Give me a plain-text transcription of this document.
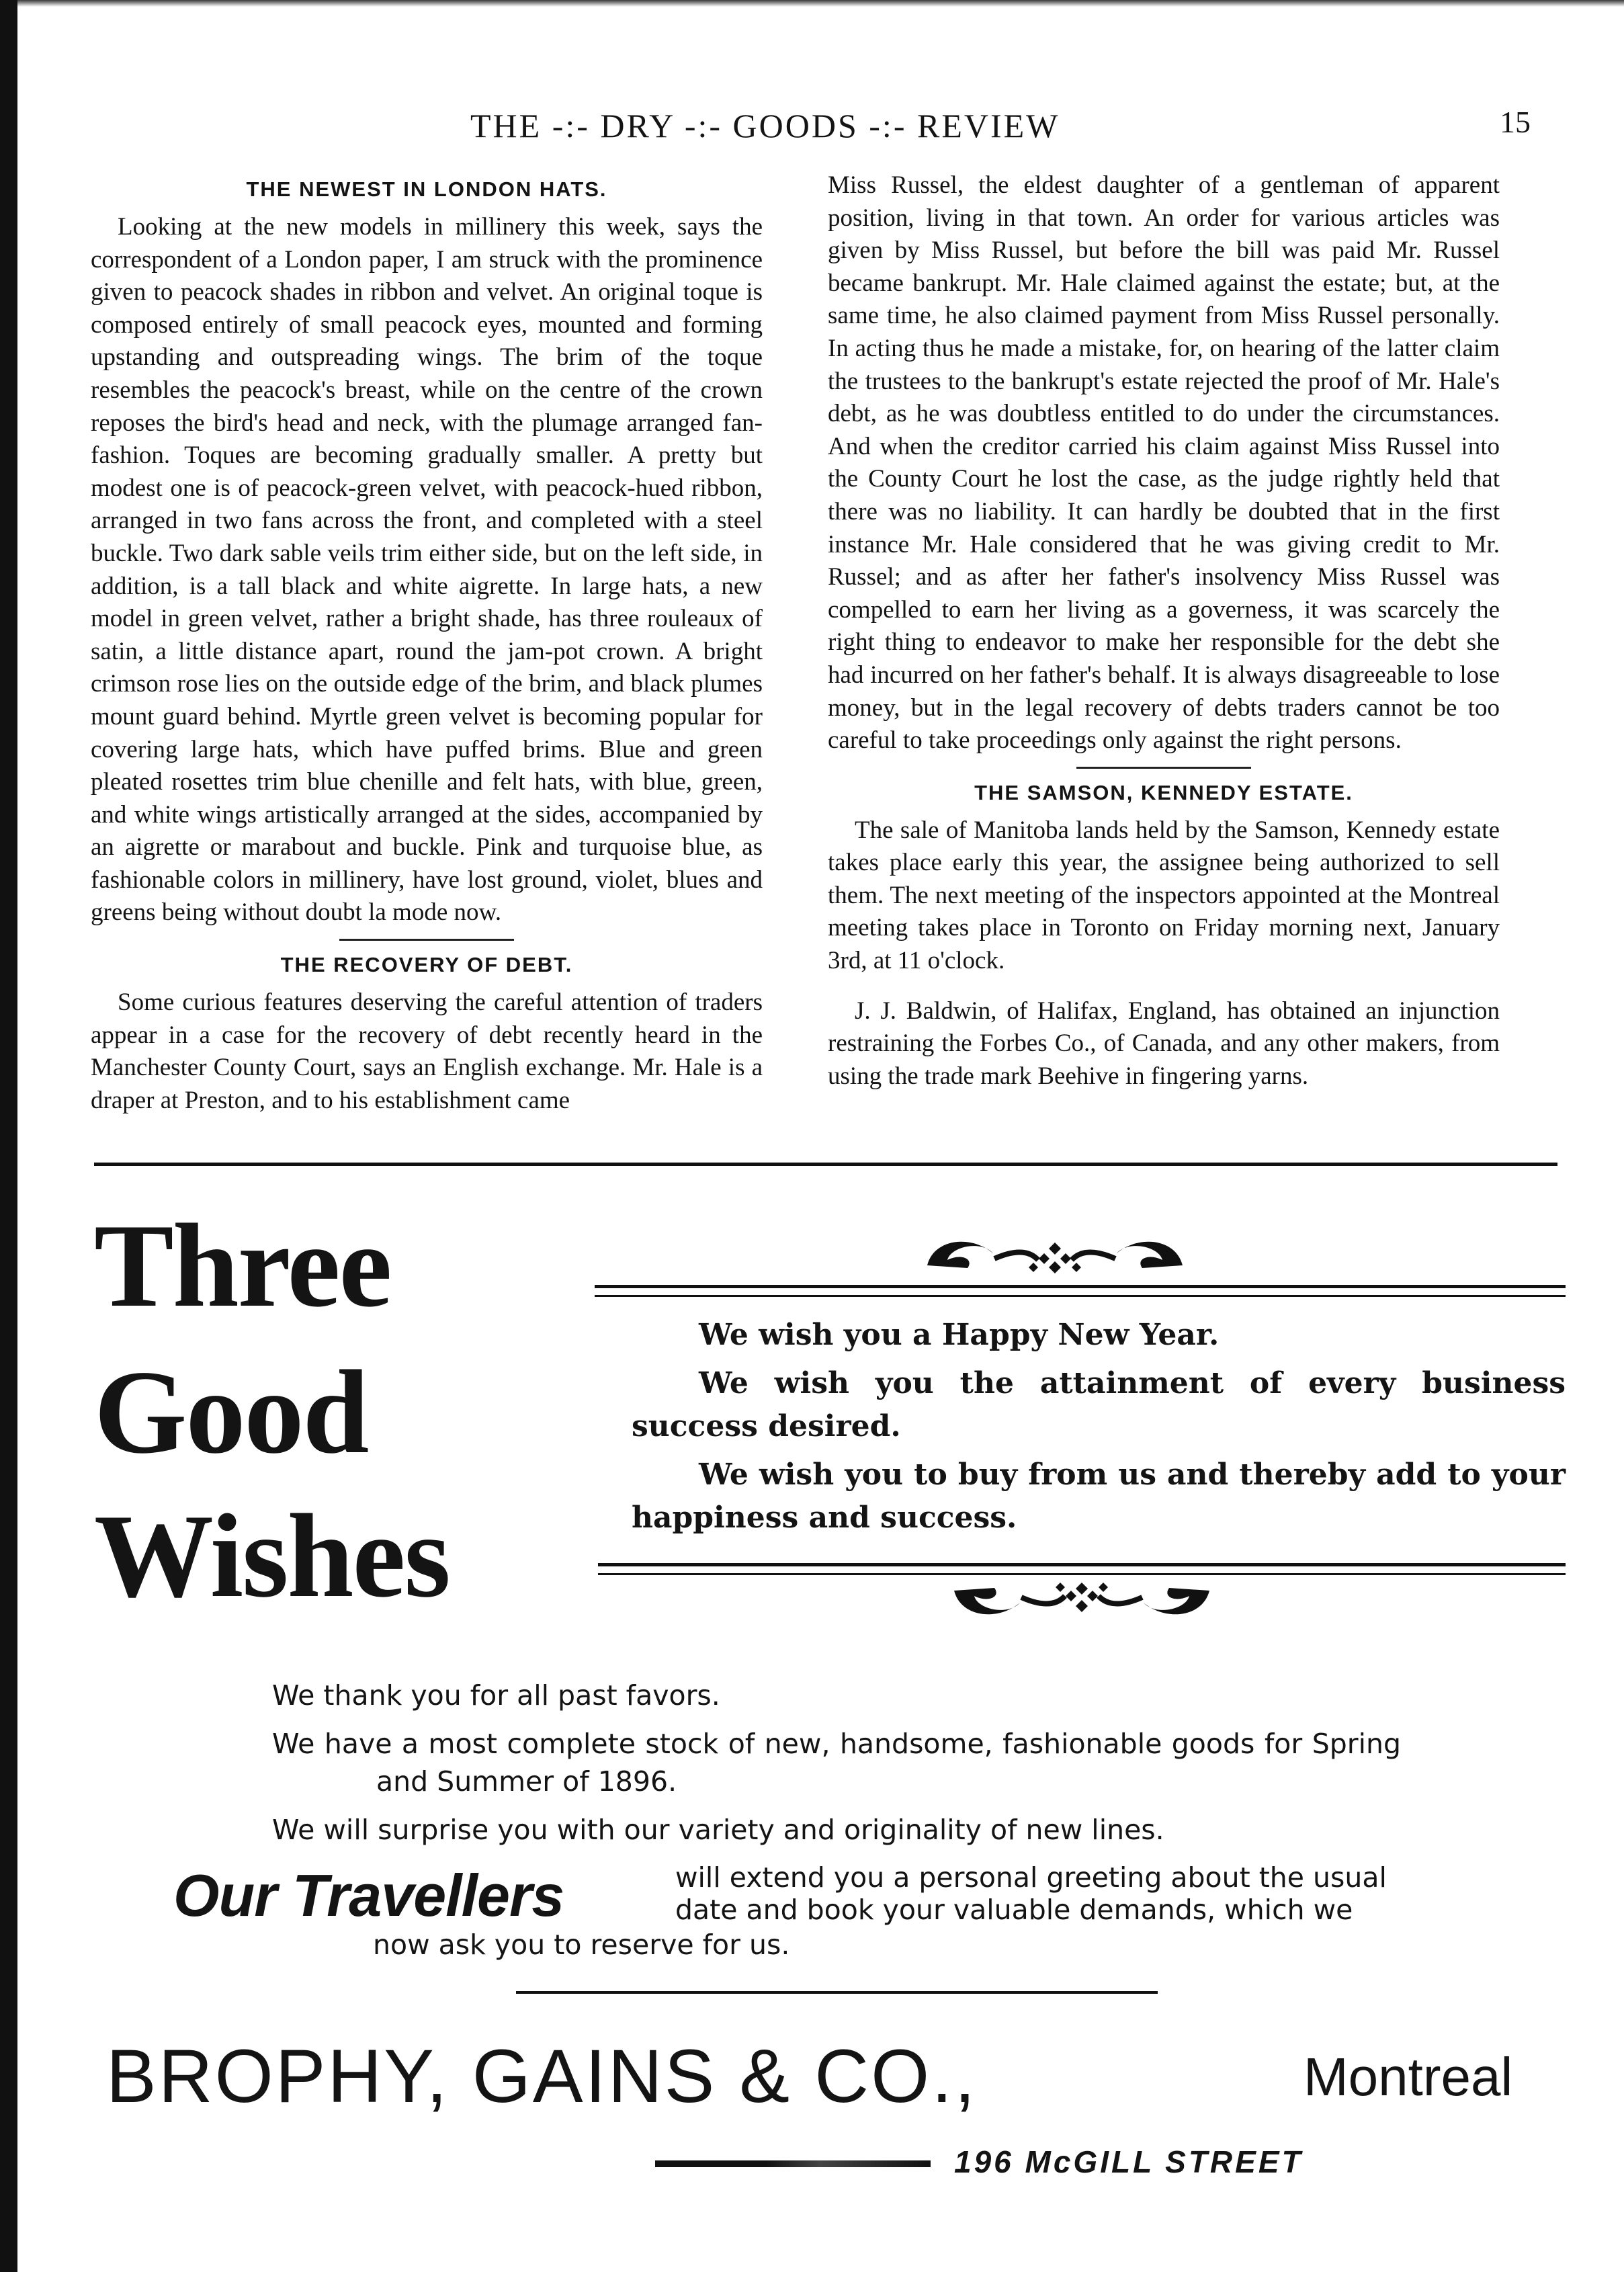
THE -:- DRY -:- GOODS -:- REVIEW	15
THE NEWEST IN LONDON HATS.

Looking at the new models in millinery this week, says the correspondent of a London paper, I am struck with the prominence given to peacock shades in ribbon and velvet. An original toque is composed entirely of small peacock eyes, mounted and forming upstanding and outspreading wings. The brim of the toque resembles the peacock's breast, while on the centre of the crown reposes the bird's head and neck, with the plumage arranged fan-fashion. Toques are becoming gradually smaller. A pretty but modest one is of peacock-green velvet, with peacock-hued ribbon, arranged in two fans across the front, and completed with a steel buckle. Two dark sable veils trim either side, but on the left side, in addition, is a tall black and white aigrette. In large hats, a new model in green velvet, rather a bright shade, has three rouleaux of satin, a little distance apart, round the jam-pot crown. A bright crimson rose lies on the outside edge of the brim, and black plumes mount guard behind. Myrtle green velvet is becoming popular for covering large hats, which have puffed brims. Blue and green pleated rosettes trim blue chenille and felt hats, with blue, green, and white wings artistically arranged at the sides, accompanied by an aigrette or marabout and buckle. Pink and turquoise blue, as fashionable colors in millinery, have lost ground, violet, blues and greens being without doubt la mode now.

THE RECOVERY OF DEBT.

Some curious features deserving the careful attention of traders appear in a case for the recovery of debt recently heard in the Manchester County Court, says an English exchange. Mr. Hale is a draper at Preston, and to his establishment came

Miss Russel, the eldest daughter of a gentleman of apparent position, living in that town. An order for various articles was given by Miss Russel, but before the bill was paid Mr. Russel became bankrupt. Mr. Hale claimed against the estate; but, at the same time, he also claimed payment from Miss Russel personally. In acting thus he made a mistake, for, on hearing of the latter claim the trustees to the bankrupt's estate rejected the proof of Mr. Hale's debt, as he was doubtless entitled to do under the circumstances. And when the creditor carried his claim against Miss Russel into the County Court he lost the case, as the judge rightly held that there was no liability. It can hardly be doubted that in the first instance Mr. Hale considered that he was giving credit to Mr. Russel; and as after her father's insolvency Miss Russel was compelled to earn her living as a governess, it was scarcely the right thing to endeavor to make her responsible for the debt she had incurred on her father's behalf. It is always disagreeable to lose money, but in the legal recovery of debts traders cannot be too careful to take proceedings only against the right persons.

THE SAMSON, KENNEDY ESTATE.

The sale of Manitoba lands held by the Samson, Kennedy estate takes place early this year, the assignee being authorized to sell them. The next meeting of the inspectors appointed at the Montreal meeting takes place in Toronto on Friday morning next, January 3rd, at 11 o'clock.

J. J. Baldwin, of Halifax, England, has obtained an injunction restraining the Forbes Co., of Canada, and any other makers, from using the trade mark Beehive in fingering yarns.

Three
Good
Wishes
We wish you a Happy New Year.
We wish you the attainment of every business success desired.
We wish you to buy from us and thereby add to your happiness and success.
We thank you for all past favors.
We have a most complete stock of new, handsome, fashionable goods for Spring and Summer of 1896.
We will surprise you with our variety and originality of new lines.
Our Travellers	will extend you a personal greeting about the usual date and book your valuable demands, which we
now ask you to reserve for us.
BROPHY, GAINS & CO.,	Montreal
196 McGILL STREET
